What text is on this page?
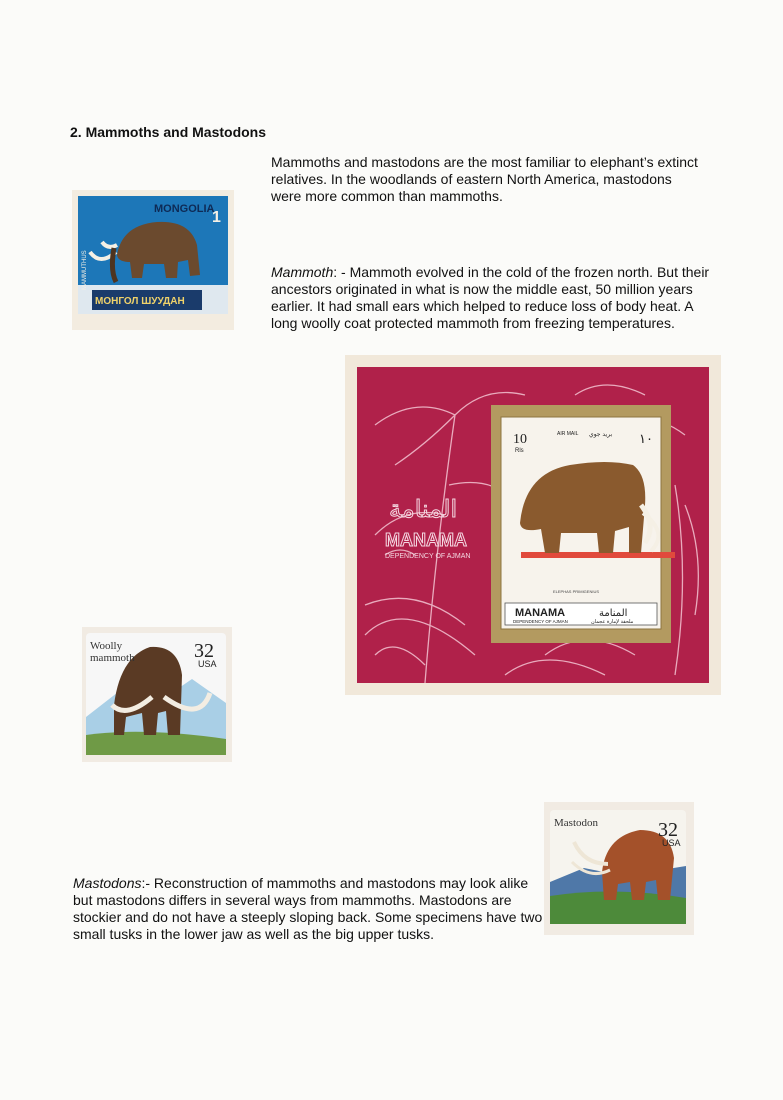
2. Mammoths and Mastodons

Mammoths and mastodons are the most familiar to elephant’s extinct relatives. In the woodlands of eastern North America, mastodons were more common than mammoths.

Mammoth: - Mammoth evolved in the cold of the frozen north. But their ancestors originated in what is now the middle east, 50 million years earlier. It had small ears which helped to reduce loss of body heat. A long woolly coat protected mammoth from freezing temperatures.

Mastodons:- Reconstruction of mammoths and mastodons may look alike but mastodons differs in several ways from mammoths. Mastodons are stockier and do not have a steeply sloping back. Some specimens have two small tusks in the lower jaw as well as the big upper tusks.

MONGOLIA
1
МОНГОЛ ШУУДАН
MAMMUTHUS
المنامة
MANAMA
DEPENDENCY OF AJMAN
10
Rls
AIR MAIL بريد جوي ١٠
ELEPHAS PRIMIGENIUS
MANAMA	المنامة
DEPENDENCY OF AJMAN	ملحقة لإمارة عجمان
Woolly
mammoth	32
USA
Mastodon	32
USA
